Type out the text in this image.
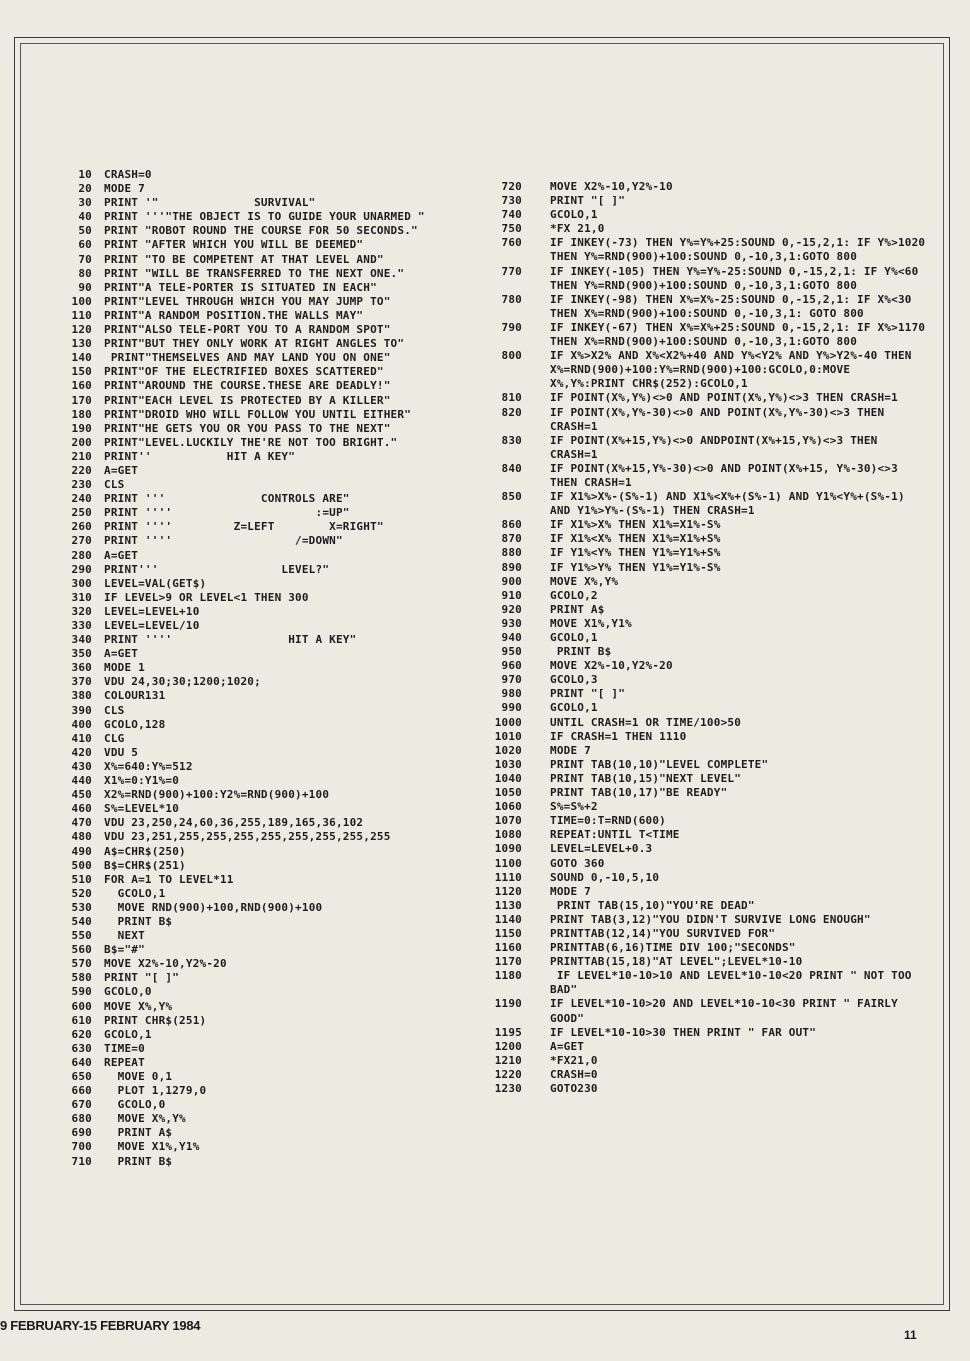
10	CRASH=0
20	MODE 7
30	PRINT '"              SURVIVAL"
40	PRINT '''"THE OBJECT IS TO GUIDE YOUR UNARMED "
50	PRINT "ROBOT ROUND THE COURSE FOR 50 SECONDS."
60	PRINT "AFTER WHICH YOU WILL BE DEEMED"
70	PRINT "TO BE COMPETENT AT THAT LEVEL AND"
80	PRINT "WILL BE TRANSFERRED TO THE NEXT ONE."
90	PRINT"A TELE-PORTER IS SITUATED IN EACH"
100	PRINT"LEVEL THROUGH WHICH YOU MAY JUMP TO"
110	PRINT"A RANDOM POSITION.THE WALLS MAY"
120	PRINT"ALSO TELE-PORT YOU TO A RANDOM SPOT"
130	PRINT"BUT THEY ONLY WORK AT RIGHT ANGLES TO"
140	PRINT"THEMSELVES AND MAY LAND YOU ON ONE"
150	PRINT"OF THE ELECTRIFIED BOXES SCATTERED"
160	PRINT"AROUND THE COURSE.THESE ARE DEADLY!"
170	PRINT"EACH LEVEL IS PROTECTED BY A KILLER"
180	PRINT"DROID WHO WILL FOLLOW YOU UNTIL EITHER"
190	PRINT"HE GETS YOU OR YOU PASS TO THE NEXT"
200	PRINT"LEVEL.LUCKILY THE'RE NOT TOO BRIGHT."
210	PRINT''           HIT A KEY"
220	A=GET
230	CLS
240	PRINT '''              CONTROLS ARE"
250	PRINT ''''                     :=UP"
260	PRINT ''''         Z=LEFT        X=RIGHT"
270	PRINT ''''                  /=DOWN"
280	A=GET
290	PRINT'''                  LEVEL?"
300	LEVEL=VAL(GET$)
310	IF LEVEL>9 OR LEVEL<1 THEN 300
320	LEVEL=LEVEL+10
330	LEVEL=LEVEL/10
340	PRINT ''''                 HIT A KEY"
350	A=GET
360	MODE 1
370	VDU 24,30;30;1200;1020;
380	COLOUR131
390	CLS
400	GCOLO,128
410	CLG
420	VDU 5
430	X%=640:Y%=512
440	X1%=0:Y1%=0
450	X2%=RND(900)+100:Y2%=RND(900)+100
460	S%=LEVEL*10
470	VDU 23,250,24,60,36,255,189,165,36,102
480	VDU 23,251,255,255,255,255,255,255,255,255
490	A$=CHR$(250)
500	B$=CHR$(251)
510	FOR A=1 TO LEVEL*11
520	GCOLO,1
530	MOVE RND(900)+100,RND(900)+100
540	PRINT B$
550	NEXT
560	B$="#"
570	MOVE X2%-10,Y2%-20
580	PRINT "[ ]"
590	GCOLO,0
600	MOVE X%,Y%
610	PRINT CHR$(251)
620	GCOLO,1
630	TIME=0
640	REPEAT
650	MOVE 0,1
660	PLOT 1,1279,0
670	GCOLO,0
680	MOVE X%,Y%
690	PRINT A$
700	MOVE X1%,Y1%
710	PRINT B$
720	MOVE X2%-10,Y2%-10
730	PRINT "[ ]"
740	GCOLO,1
750	*FX 21,0
760	IF INKEY(-73) THEN Y%=Y%+25:SOUND 0,-15,2,1: IF Y%>1020 THEN Y%=RND(900)+100:SOUND 0,-10,3,1:GOTO 800
770	IF INKEY(-105) THEN Y%=Y%-25:SOUND 0,-15,2,1: IF Y%<60 THEN Y%=RND(900)+100:SOUND 0,-10,3,1:GOTO 800
780	IF INKEY(-98) THEN X%=X%-25:SOUND 0,-15,2,1: IF X%<30 THEN X%=RND(900)+100:SOUND 0,-10,3,1: GOTO 800
790	IF INKEY(-67) THEN X%=X%+25:SOUND 0,-15,2,1: IF X%>1170 THEN X%=RND(900)+100:SOUND 0,-10,3,1:GOTO 800
800	IF X%>X2% AND X%<X2%+40 AND Y%<Y2% AND Y%>Y2%-40 THEN X%=RND(900)+100:Y%=RND(900)+100:GCOLO,0:MOVE X%,Y%:PRINT CHR$(252):GCOLO,1
810	IF POINT(X%,Y%)<>0 AND POINT(X%,Y%)<>3 THEN CRASH=1
820	IF POINT(X%,Y%-30)<>0 AND POINT(X%,Y%-30)<>3 THEN CRASH=1
830	IF POINT(X%+15,Y%)<>0 ANDPOINT(X%+15,Y%)<>3 THEN CRASH=1
840	IF POINT(X%+15,Y%-30)<>0 AND POINT(X%+15, Y%-30)<>3 THEN CRASH=1
850	IF X1%>X%-(S%-1) AND X1%<X%+(S%-1) AND Y1%<Y%+(S%-1) AND Y1%>Y%-(S%-1) THEN CRASH=1
860	IF X1%>X% THEN X1%=X1%-S%
870	IF X1%<X% THEN X1%=X1%+S%
880	IF Y1%<Y% THEN Y1%=Y1%+S%
890	IF Y1%>Y% THEN Y1%=Y1%-S%
900	MOVE X%,Y%
910	GCOLO,2
920	PRINT A$
930	MOVE X1%,Y1%
940	GCOLO,1
950	PRINT B$
960	MOVE X2%-10,Y2%-20
970	GCOLO,3
980	PRINT "[ ]"
990	GCOLO,1
1000	UNTIL CRASH=1 OR TIME/100>50
1010	IF CRASH=1 THEN 1110
1020	MODE 7
1030	PRINT TAB(10,10)"LEVEL COMPLETE"
1040	PRINT TAB(10,15)"NEXT LEVEL"
1050	PRINT TAB(10,17)"BE READY"
1060	S%=S%+2
1070	TIME=0:T=RND(600)
1080	REPEAT:UNTIL T<TIME
1090	LEVEL=LEVEL+0.3
1100	GOTO 360
1110	SOUND 0,-10,5,10
1120	MODE 7
1130	PRINT TAB(15,10)"YOU'RE DEAD"
1140	PRINT TAB(3,12)"YOU DIDN'T SURVIVE LONG ENOUGH"
1150	PRINTTAB(12,14)"YOU SURVIVED FOR"
1160	PRINTTAB(6,16)TIME DIV 100;"SECONDS"
1170	PRINTTAB(15,18)"AT LEVEL";LEVEL*10-10
1180	IF LEVEL*10-10>10 AND LEVEL*10-10<20 PRINT " NOT TOO BAD"
1190	IF LEVEL*10-10>20 AND LEVEL*10-10<30 PRINT " FAIRLY GOOD"
1195	IF LEVEL*10-10>30 THEN PRINT " FAR OUT"
1200	A=GET
1210	*FX21,0
1220	CRASH=0
1230	GOTO230
9 FEBRUARY-15 FEBRUARY 1984
11
